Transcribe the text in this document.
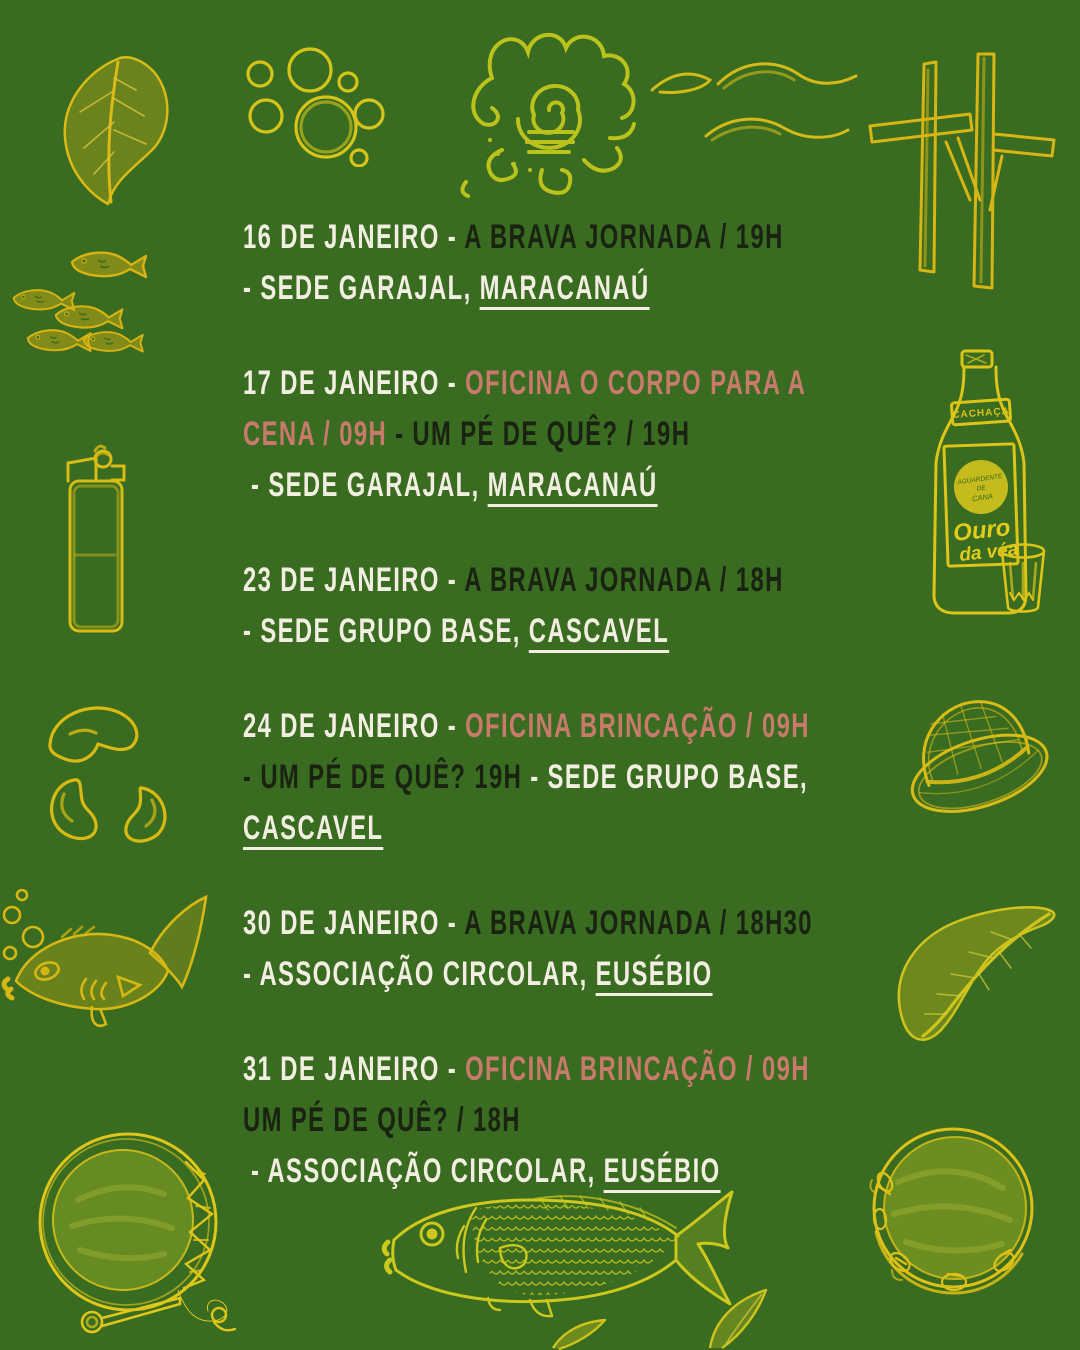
CACHAÇA
AGUARDENTE
DE
CANA
Ouro
da véa
16 DE JANEIRO - A BRAVA JORNADA / 19H
- SEDE GARAJAL, MARACANAÚ
17 DE JANEIRO - OFICINA O CORPO PARA A
CENA / 09H - UM PÉ DE QUÊ? / 19H
- SEDE GARAJAL, MARACANAÚ
23 DE JANEIRO - A BRAVA JORNADA / 18H
- SEDE GRUPO BASE, CASCAVEL
24 DE JANEIRO - OFICINA BRINCAÇÃO / 09H
- UM PÉ DE QUÊ? 19H - SEDE GRUPO BASE,
CASCAVEL
30 DE JANEIRO - A BRAVA JORNADA / 18H30
- ASSOCIAÇÃO CIRCOLAR, EUSÉBIO
31 DE JANEIRO - OFICINA BRINCAÇÃO / 09H
UM PÉ DE QUÊ? / 18H
- ASSOCIAÇÃO CIRCOLAR, EUSÉBIO
